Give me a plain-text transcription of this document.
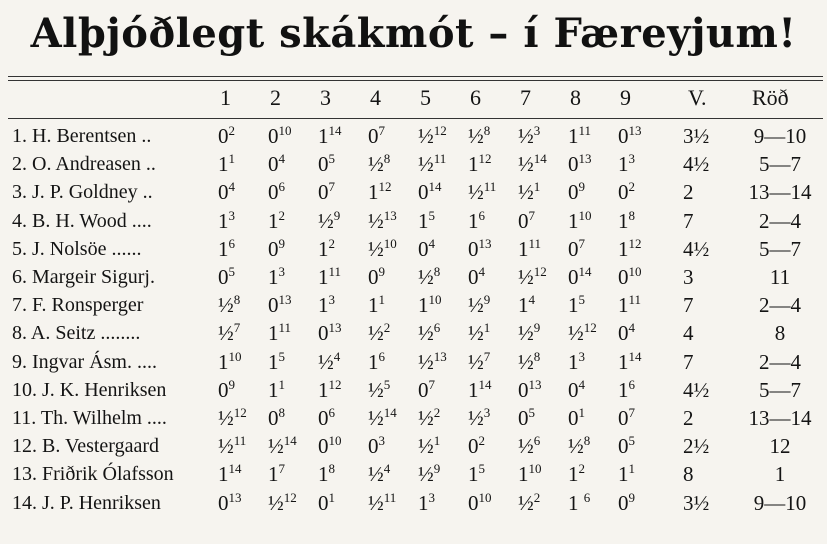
Alþjóðlegt skákmót – í Færeyjum!
1 2 3 4 5 6 7 8 9	V. Röð
1. H. Berentsen ..	$0^2$ $0^{10}$ $1^{14}$ $0^7$ ½$^{12}$ ½$^8$ ½$^3$ $1^{11}$ $0^{13}$ 3½	9—10
2. O. Andreasen ..	$1^1$ $0^4$ $0^5$ ½$^8$ ½$^{11}$ $1^{12}$ ½$^{14}$ $0^{13}$ $1^3$ 4½	5—7
3. J. P. Goldney ..	$0^4$ $0^6$ $0^7$ $1^{12}$ $0^{14}$ ½$^{11}$ ½$^1$ $0^9$ $0^2$ 2	13—14
4. B. H. Wood ....	$1^3$ $1^2$ ½$^9$ ½$^{13}$ $1^5$ $1^6$ $0^7$ $1^{10}$ $1^8$ 7	2—4
5. J. Nolsöe ......	$1^6$ $0^9$ $1^2$ ½$^{10}$ $0^4$ $0^{13}$ $1^{11}$ $0^7$ $1^{12}$ 4½	5—7
6. Margeir Sigurj.	$0^5$ $1^3$ $1^{11}$ $0^9$ ½$^8$ $0^4$ ½$^{12}$ $0^{14}$ $0^{10}$ 3	11
7. F. Ronsperger	½$^8$ $0^{13}$ $1^3$ $1^1$ $1^{10}$ ½$^9$ $1^4$ $1^5$ $1^{11}$ 7	2—4
8. A. Seitz ........	½$^7$ $1^{11}$ $0^{13}$ ½$^2$ ½$^6$ ½$^1$ ½$^9$ ½$^{12}$ $0^4$ 4	8
9. Ingvar Ásm. ....	$1^{10}$ $1^5$ ½$^4$ $1^6$ ½$^{13}$ ½$^7$ ½$^8$ $1^3$ $1^{14}$ 7	2—4
10. J. K. Henriksen $0^9$ $1^1$ $1^{12}$ ½$^5$ $0^7$ $1^{14}$ $0^{13}$ $0^4$ $1^6$ 4½	5—7
11. Th. Wilhelm .... ½$^{12}$ $0^8$ $0^6$ ½$^{14}$ ½$^2$ ½$^3$ $0^5$ $0^1$ $0^7$ 2	13—14
12. B. Vestergaard	½$^{11}$ ½$^{14}$ $0^{10}$ $0^3$ ½$^1$ $0^2$ ½$^6$ ½$^8$ $0^5$ 2½	12
13. Friðrik Ólafsson $1^{14}$ $1^7$ $1^8$ ½$^4$ ½$^9$ $1^5$ $1^{10}$ $1^2$ $1^1$ 8	1
14. J. P. Henriksen	$0^{13}$ ½$^{12}$ $0^1$ ½$^{11}$ $1^3$ $0^{10}$ ½$^2$ 1 $^6$ $0^9$ 3½	9—10
